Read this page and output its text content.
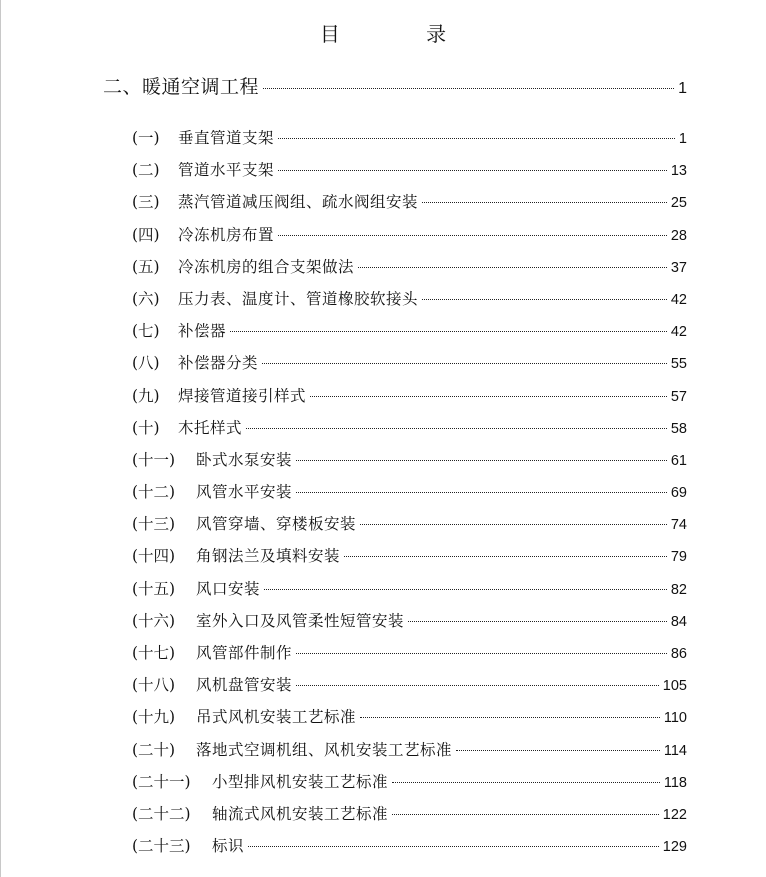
目 录
二、暖通空调工程	1
(一)	垂直管道支架	1
(二)	管道水平支架	13
(三)	蒸汽管道减压阀组、疏水阀组安装	25
(四)	冷冻机房布置	28
(五)	冷冻机房的组合支架做法	37
(六)	压力表、温度计、管道橡胶软接头	42
(七)	补偿器	42
(八)	补偿器分类	55
(九)	焊接管道接引样式	57
(十)	木托样式	58
(十一)	卧式水泵安装	61
(十二)	风管水平安装	69
(十三)	风管穿墙、穿楼板安装	74
(十四)	角钢法兰及填料安装	79
(十五)	风口安装	82
(十六)	室外入口及风管柔性短管安装	84
(十七)	风管部件制作	86
(十八)	风机盘管安装	105
(十九)	吊式风机安装工艺标准	110
(二十)	落地式空调机组、风机安装工艺标准	114
(二十一)	小型排风机安装工艺标准	118
(二十二)	轴流式风机安装工艺标准	122
(二十三)	标识	129
